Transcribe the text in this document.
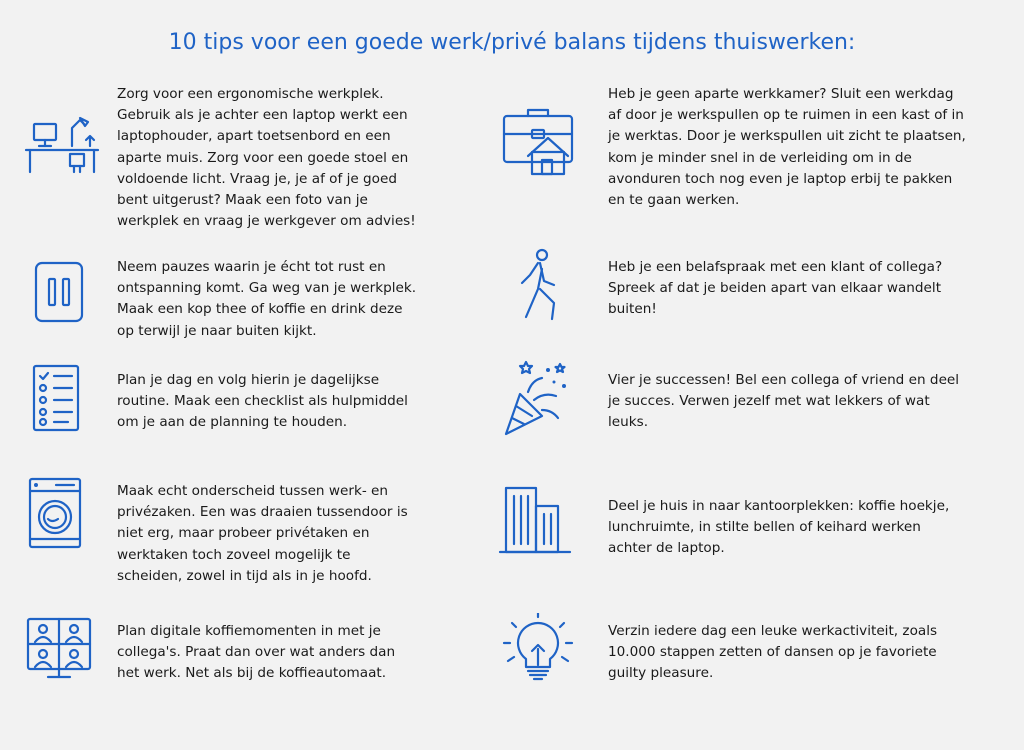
10 tips voor een goede werk/privé balans tijdens thuiswerken:
Zorg voor een ergonomische werkplek. Gebruik als je achter een laptop werkt een laptophouder, apart toetsenbord en een aparte muis. Zorg voor een goede stoel en voldoende licht. Vraag je, je af of je goed bent uitgerust? Maak een foto van je werkplek en vraag je werkgever om advies!
Neem pauzes waarin je écht tot rust en ontspanning komt. Ga weg van je werkplek. Maak een kop thee of koffie en drink deze op terwijl je naar buiten kijkt.
Plan je dag en volg hierin je dagelijkse routine. Maak een checklist als hulpmiddel om je aan de planning te houden.
Maak echt onderscheid tussen werk- en privézaken. Een was draaien tussendoor is niet erg, maar probeer privétaken en werktaken toch zoveel mogelijk te scheiden, zowel in tijd als in je hoofd.
Plan digitale koffiemomenten in met je collega's. Praat dan over wat anders dan het werk. Net als bij de koffieautomaat.
Heb je geen aparte werkkamer? Sluit een werkdag af door je werkspullen op te ruimen in een kast of in je werktas. Door je werkspullen uit zicht te plaatsen, kom je minder snel in de verleiding om in de avonduren toch nog even je laptop erbij te pakken en te gaan werken.
Heb je een belafspraak met een klant of collega? Spreek af dat je beiden apart van elkaar wandelt buiten!
Vier je successen! Bel een collega of vriend en deel je succes. Verwen jezelf met wat lekkers of wat leuks.
Deel je huis in naar kantoorplekken: koffie hoekje, lunchruimte, in stilte bellen of keihard werken achter de laptop.
Verzin iedere dag een leuke werkactiviteit, zoals 10.000 stappen zetten of dansen op je favoriete guilty pleasure.
